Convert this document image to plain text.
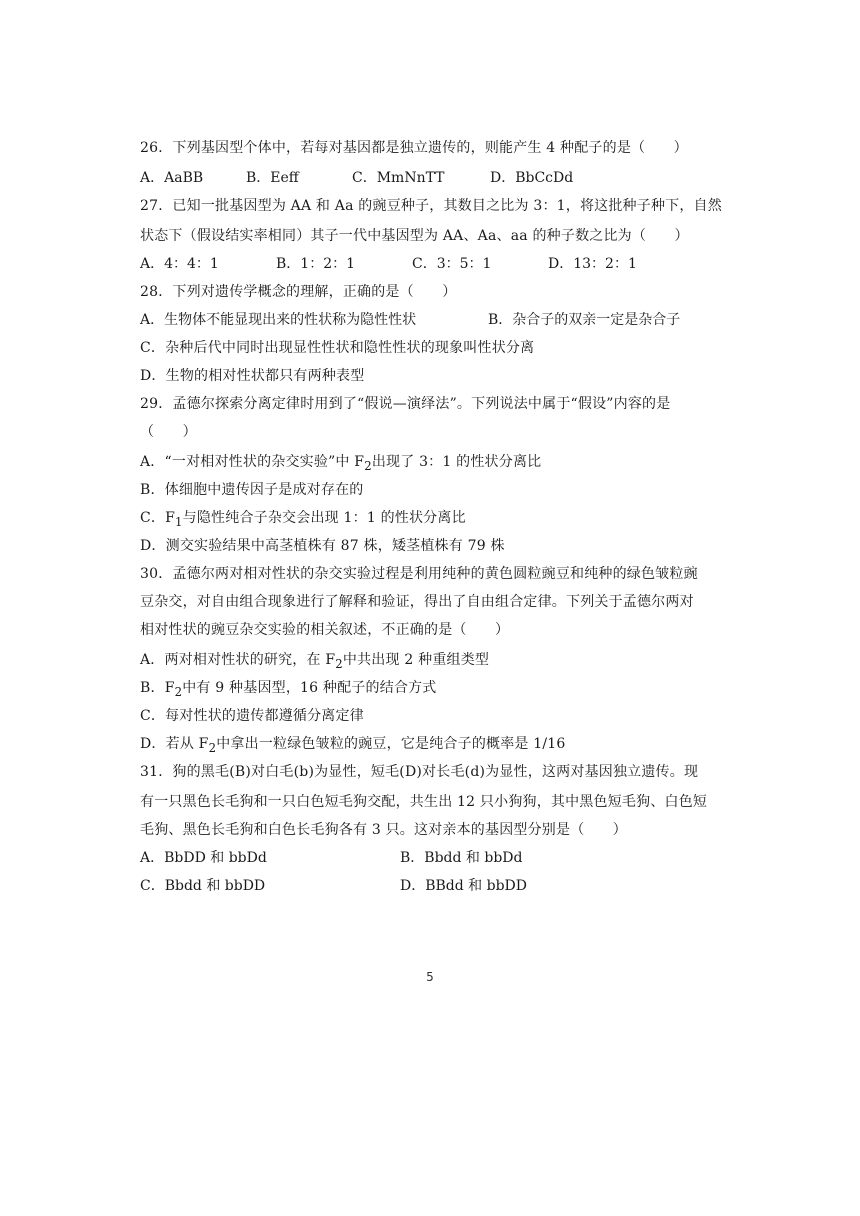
26．下列基因型个体中，若每对基因都是独立遗传的，则能产生 4 种配子的是（　　）
A．AaBB	B．Eeff	C．MmNnTT	D．BbCcDd
27．已知一批基因型为 AA 和 Aa 的豌豆种子，其数目之比为 3：1，将这批种子种下，自然
状态下（假设结实率相同）其子一代中基因型为 AA、Aa、aa 的种子数之比为（　　）
A．4：4：1	B．1：2：1	C．3：5：1	D．13：2：1
28．下列对遗传学概念的理解，正确的是（　　）
A．生物体不能显现出来的性状称为隐性性状	B．杂合子的双亲一定是杂合子
C．杂种后代中同时出现显性性状和隐性性状的现象叫性状分离
D．生物的相对性状都只有两种表型
29．孟德尔探索分离定律时用到了“假说—演绎法”。下列说法中属于“假设”内容的是
（　　）
A．“一对相对性状的杂交实验”中 $F_2$出现了 3：1 的性状分离比
B．体细胞中遗传因子是成对存在的
C．$F_1$与隐性纯合子杂交会出现 1：1 的性状分离比
D．测交实验结果中高茎植株有 87 株，矮茎植株有 79 株
30．孟德尔两对相对性状的杂交实验过程是利用纯种的黄色圆粒豌豆和纯种的绿色皱粒豌
豆杂交，对自由组合现象进行了解释和验证，得出了自由组合定律。下列关于孟德尔两对
相对性状的豌豆杂交实验的相关叙述，不正确的是（　　）
A．两对相对性状的研究，在 $F_2$中共出现 2 种重组类型
B．$F_2$中有 9 种基因型，16 种配子的结合方式
C．每对性状的遗传都遵循分离定律
D．若从 $F_2$中拿出一粒绿色皱粒的豌豆，它是纯合子的概率是 1/16
31．狗的黑毛(B)对白毛(b)为显性，短毛(D)对长毛(d)为显性，这两对基因独立遗传。现
有一只黑色长毛狗和一只白色短毛狗交配，共生出 12 只小狗狗，其中黑色短毛狗、白色短
毛狗、黑色长毛狗和白色长毛狗各有 3 只。这对亲本的基因型分别是（　　）
A．BbDD 和 bbDd	B．Bbdd 和 bbDd
C．Bbdd 和 bbDD	D．BBdd 和 bbDD
5
